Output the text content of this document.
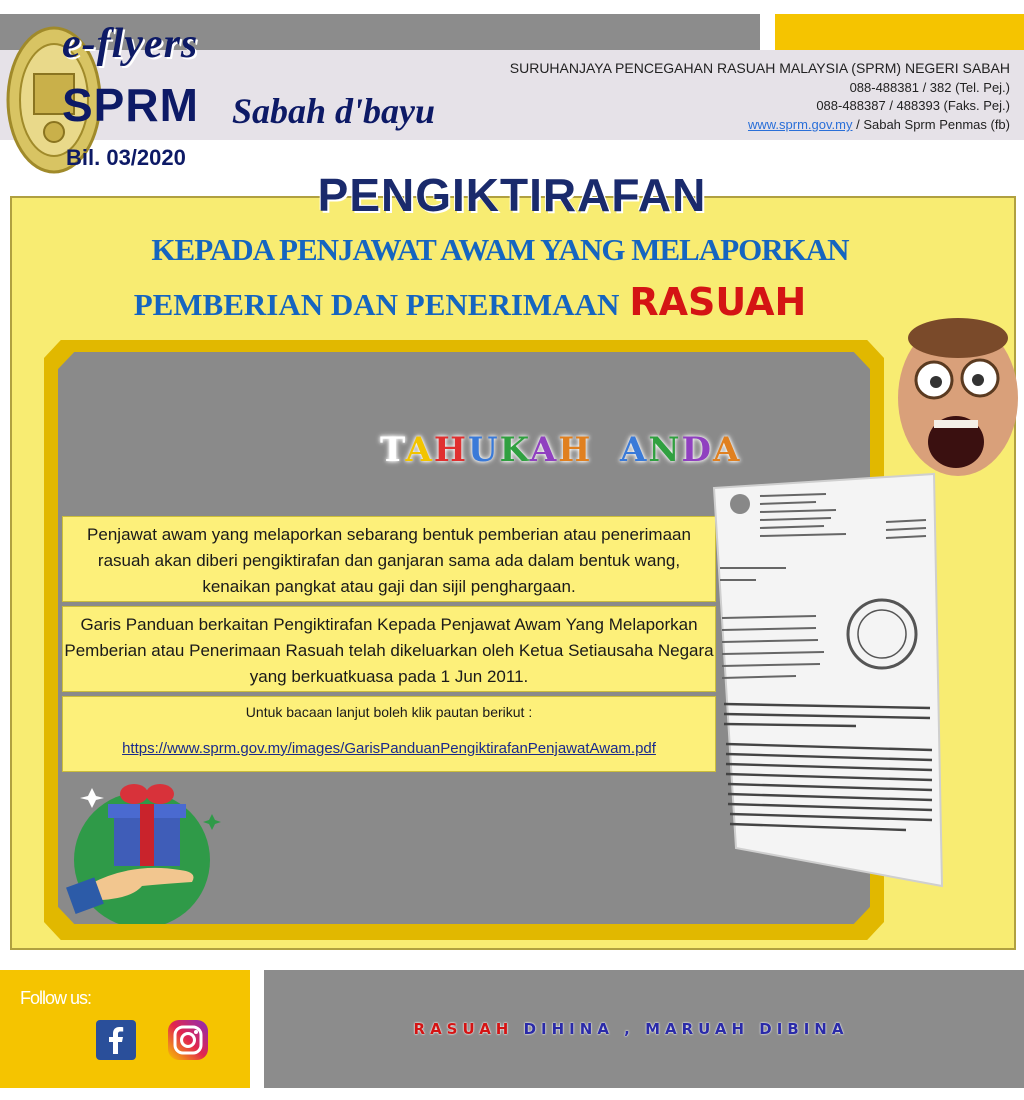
e-flyers
SPRM Sabah d'bayu
Bil. 03/2020
SURUHANJAYA PENCEGAHAN RASUAH MALAYSIA (SPRM) NEGERI SABAH
088-488381 / 382 (Tel. Pej.)
088-488387 / 488393 (Faks. Pej.)
www.sprm.gov.my / Sabah Sprm Penmas (fb)
PENGIKTIRAFAN
KEPADA PENJAWAT AWAM YANG MELAPORKAN
PEMBERIAN DAN PENERIMAAN RASUAH
TAHUKAH ANDA
Penjawat awam yang melaporkan sebarang bentuk pemberian atau penerimaan rasuah akan diberi pengiktirafan dan ganjaran sama ada dalam bentuk wang, kenaikan pangkat atau gaji dan sijil penghargaan.
Garis Panduan berkaitan Pengiktirafan Kepada Penjawat Awam Yang Melaporkan Pemberian atau Penerimaan Rasuah telah dikeluarkan oleh Ketua Setiausaha Negara yang berkuatkuasa pada 1 Jun 2011.
Untuk bacaan lanjut boleh klik pautan berikut :
https://www.sprm.gov.my/images/GarisPanduanPengiktirafanPenjawatAwam.pdf
Follow us:
RASUAH DIHINA , MARUAH DIBINA
